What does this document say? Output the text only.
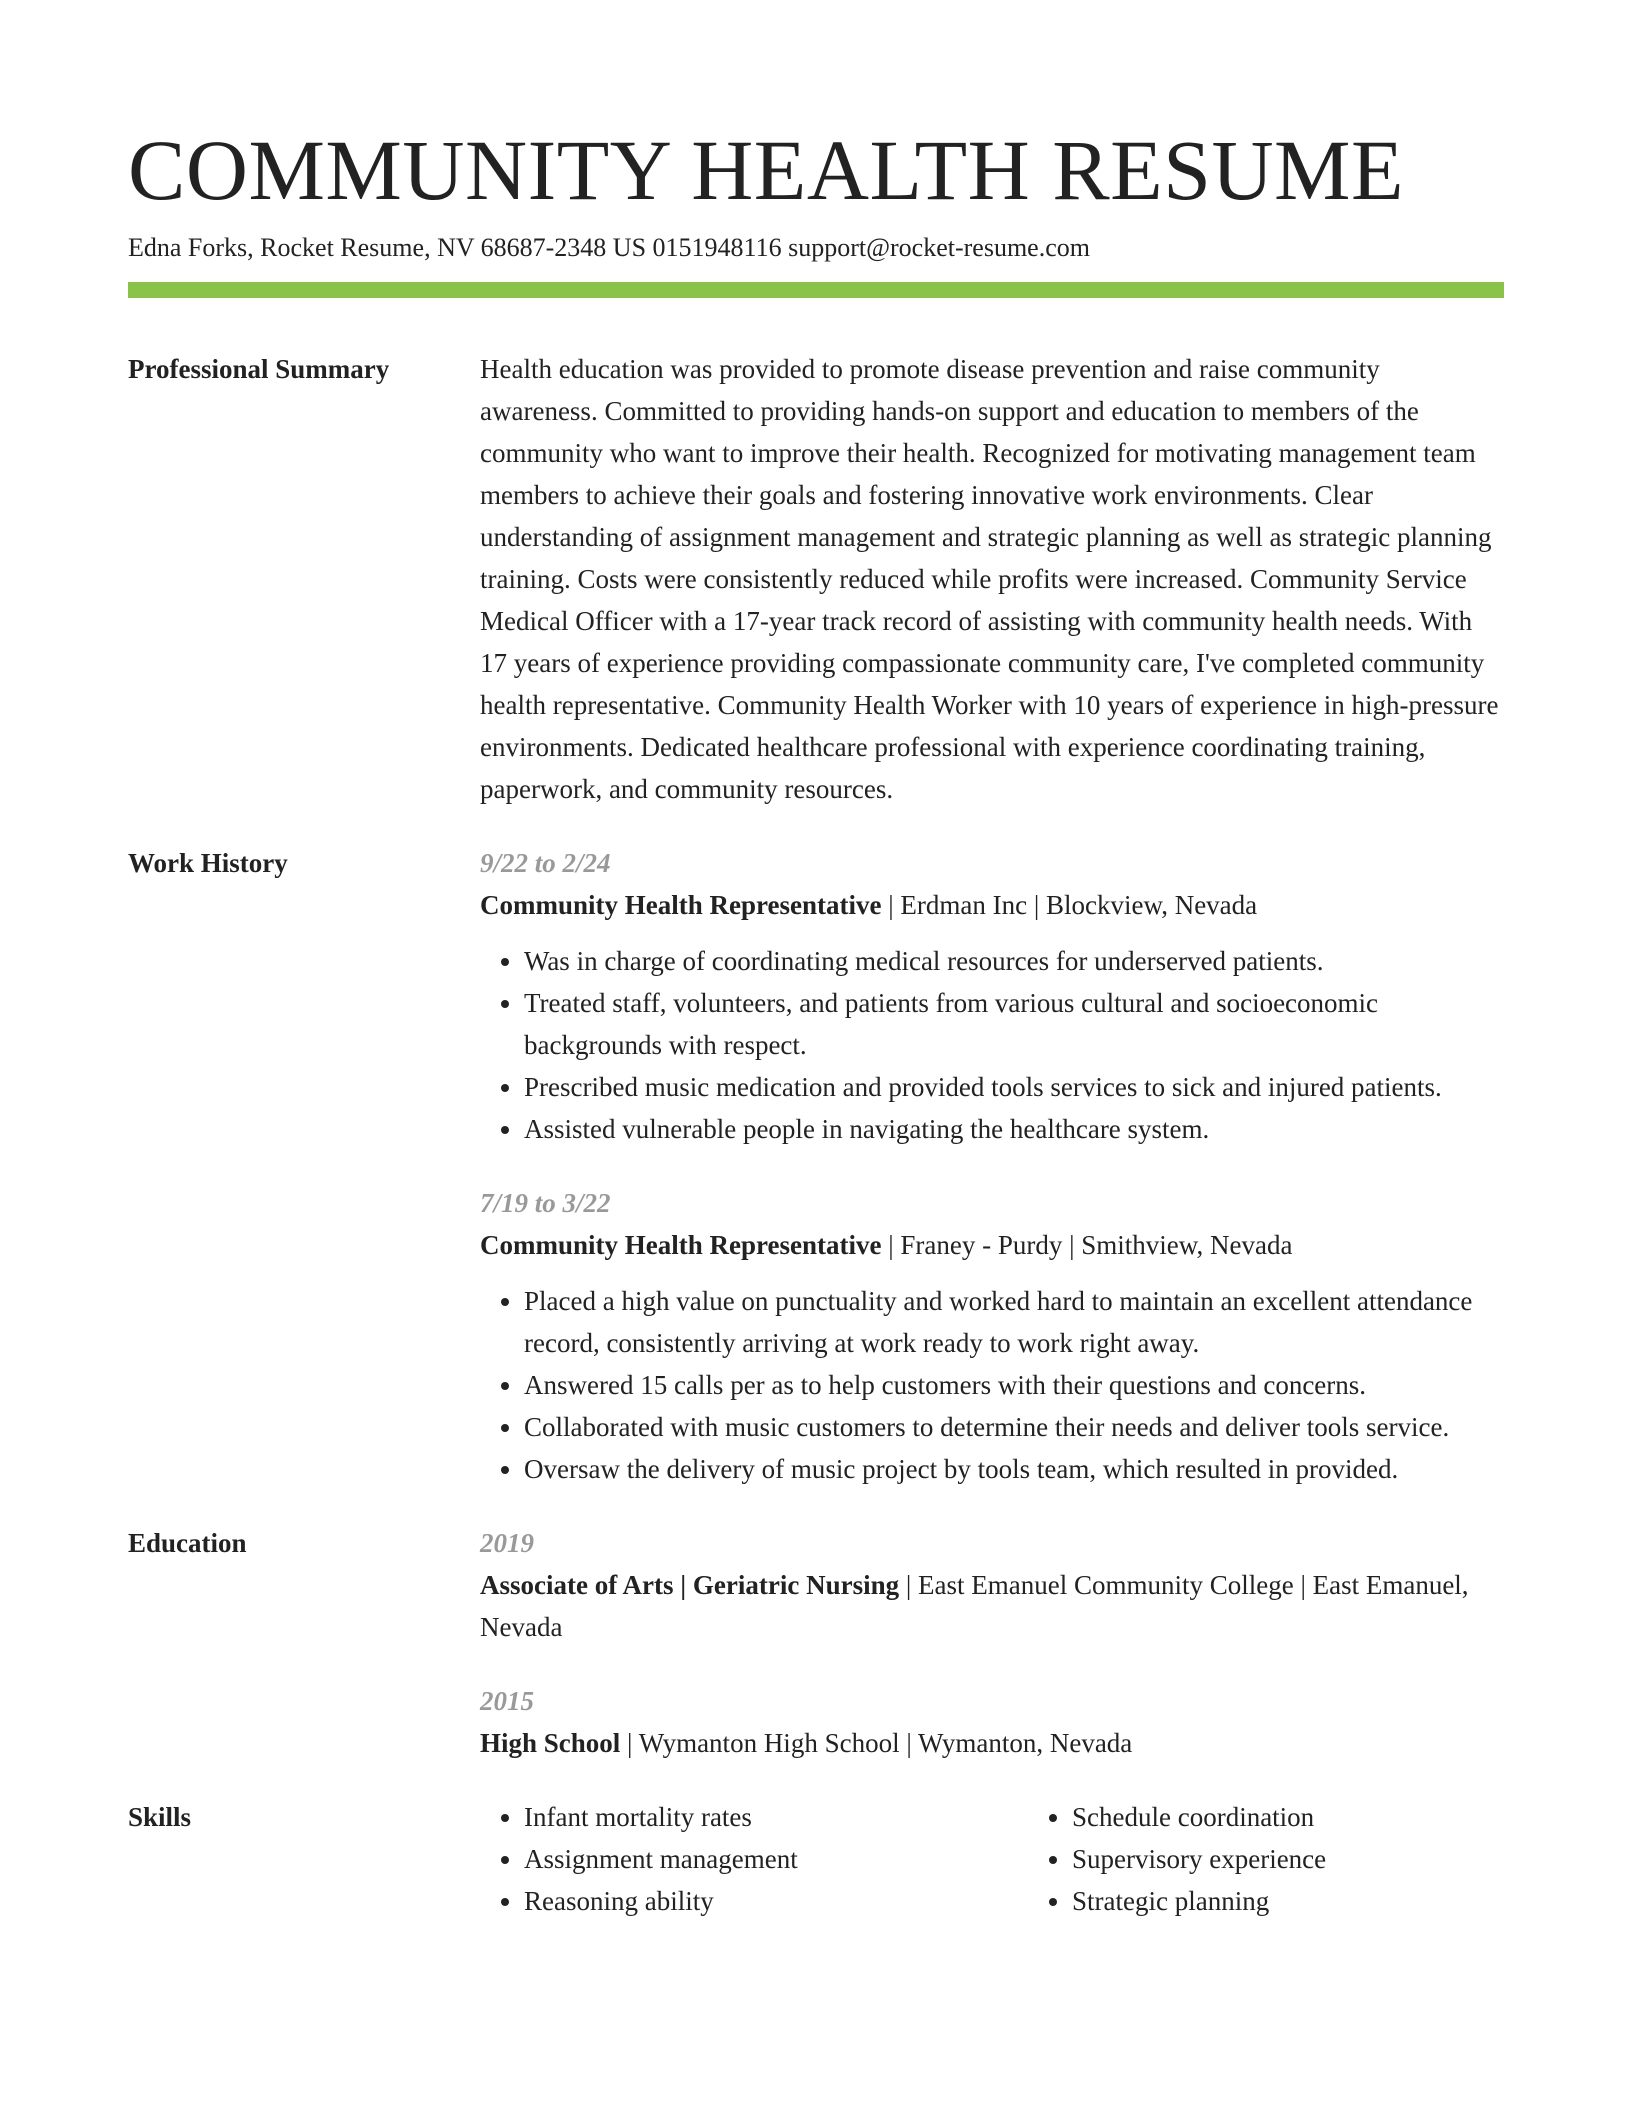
COMMUNITY HEALTH RESUME
Edna Forks, Rocket Resume, NV 68687-2348 US 0151948116 support@rocket-resume.com
Professional Summary	Health education was provided to promote disease prevention and raise community awareness. Committed to providing hands-on support and education to members of the community who want to improve their health. Recognized for motivating management team members to achieve their goals and fostering innovative work environments. Clear understanding of assignment management and strategic planning as well as strategic planning training. Costs were consistently reduced while profits were increased. Community Service Medical Officer with a 17-year track record of assisting with community health needs. With 17 years of experience providing compassionate community care, I've completed community health representative. Community Health Worker with 10 years of experience in high-pressure environments. Dedicated healthcare professional with experience coordinating training, paperwork, and community resources.
Work History	9/22 to 2/24
Community Health Representative | Erdman Inc | Blockview, Nevada
• Was in charge of coordinating medical resources for underserved patients.
• Treated staff, volunteers, and patients from various cultural and socioeconomic backgrounds with respect.
• Prescribed music medication and provided tools services to sick and injured patients.
• Assisted vulnerable people in navigating the healthcare system.
7/19 to 3/22
Community Health Representative | Franey - Purdy | Smithview, Nevada
• Placed a high value on punctuality and worked hard to maintain an excellent attendance record, consistently arriving at work ready to work right away.
• Answered 15 calls per as to help customers with their questions and concerns.
• Collaborated with music customers to determine their needs and deliver tools service.
• Oversaw the delivery of music project by tools team, which resulted in provided.
Education	2019
Associate of Arts | Geriatric Nursing | East Emanuel Community College | East Emanuel, Nevada
2015
High School | Wymanton High School | Wymanton, Nevada
Skills
•	Infant mortality rates
• Assignment management
• Reasoning ability
• Schedule coordination
• Supervisory experience
• Strategic planning
